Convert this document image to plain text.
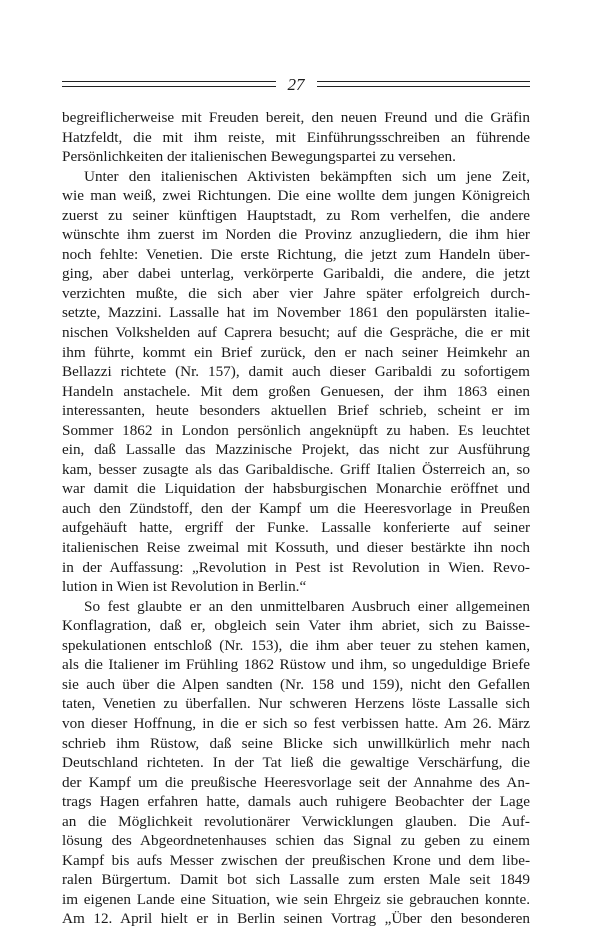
27
begreiflicherweise mit Freuden bereit, den neuen Freund und die Gräfin
Hatzfeldt, die mit ihm reiste, mit Einführungsschreiben an führende
Persönlichkeiten der italienischen Bewegungspartei zu versehen.
Unter den italienischen Aktivisten bekämpften sich um jene Zeit,
wie man weiß, zwei Richtungen. Die eine wollte dem jungen Königreich
zuerst zu seiner künftigen Hauptstadt, zu Rom verhelfen, die andere
wünschte ihm zuerst im Norden die Provinz anzugliedern, die ihm hier
noch fehlte: Venetien. Die erste Richtung, die jetzt zum Handeln über-
ging, aber dabei unterlag, verkörperte Garibaldi, die andere, die jetzt
verzichten mußte, die sich aber vier Jahre später erfolgreich durch-
setzte, Mazzini. Lassalle hat im November 1861 den populärsten italie-
nischen Volkshelden auf Caprera besucht; auf die Gespräche, die er mit
ihm führte, kommt ein Brief zurück, den er nach seiner Heimkehr an
Bellazzi richtete (Nr. 157), damit auch dieser Garibaldi zu sofortigem
Handeln anstachele. Mit dem großen Genuesen, der ihm 1863 einen
interessanten, heute besonders aktuellen Brief schrieb, scheint er im
Sommer 1862 in London persönlich angeknüpft zu haben. Es leuchtet
ein, daß Lassalle das Mazzinische Projekt, das nicht zur Ausführung
kam, besser zusagte als das Garibaldische. Griff Italien Österreich an, so
war damit die Liquidation der habsburgischen Monarchie eröffnet und
auch den Zündstoff, den der Kampf um die Heeresvorlage in Preußen
aufgehäuft hatte, ergriff der Funke. Lassalle konferierte auf seiner
italienischen Reise zweimal mit Kossuth, und dieser bestärkte ihn noch
in der Auffassung: „Revolution in Pest ist Revolution in Wien. Revo-
lution in Wien ist Revolution in Berlin.“
So fest glaubte er an den unmittelbaren Ausbruch einer allgemeinen
Konflagration, daß er, obgleich sein Vater ihm abriet, sich zu Baisse-
spekulationen entschloß (Nr. 153), die ihm aber teuer zu stehen kamen,
als die Italiener im Frühling 1862 Rüstow und ihm, so ungeduldige Briefe
sie auch über die Alpen sandten (Nr. 158 und 159), nicht den Gefallen
taten, Venetien zu überfallen. Nur schweren Herzens löste Lassalle sich
von dieser Hoffnung, in die er sich so fest verbissen hatte. Am 26. März
schrieb ihm Rüstow, daß seine Blicke sich unwillkürlich mehr nach
Deutschland richteten. In der Tat ließ die gewaltige Verschärfung, die
der Kampf um die preußische Heeresvorlage seit der Annahme des An-
trags Hagen erfahren hatte, damals auch ruhigere Beobachter der Lage
an die Möglichkeit revolutionärer Verwicklungen glauben. Die Auf-
lösung des Abgeordnetenhauses schien das Signal zu geben zu einem
Kampf bis aufs Messer zwischen der preußischen Krone und dem libe-
ralen Bürgertum. Damit bot sich Lassalle zum ersten Male seit 1849
im eigenen Lande eine Situation, wie sein Ehrgeiz sie gebrauchen konnte.
Am 12. April hielt er in Berlin seinen Vortrag „Über den besonderen
